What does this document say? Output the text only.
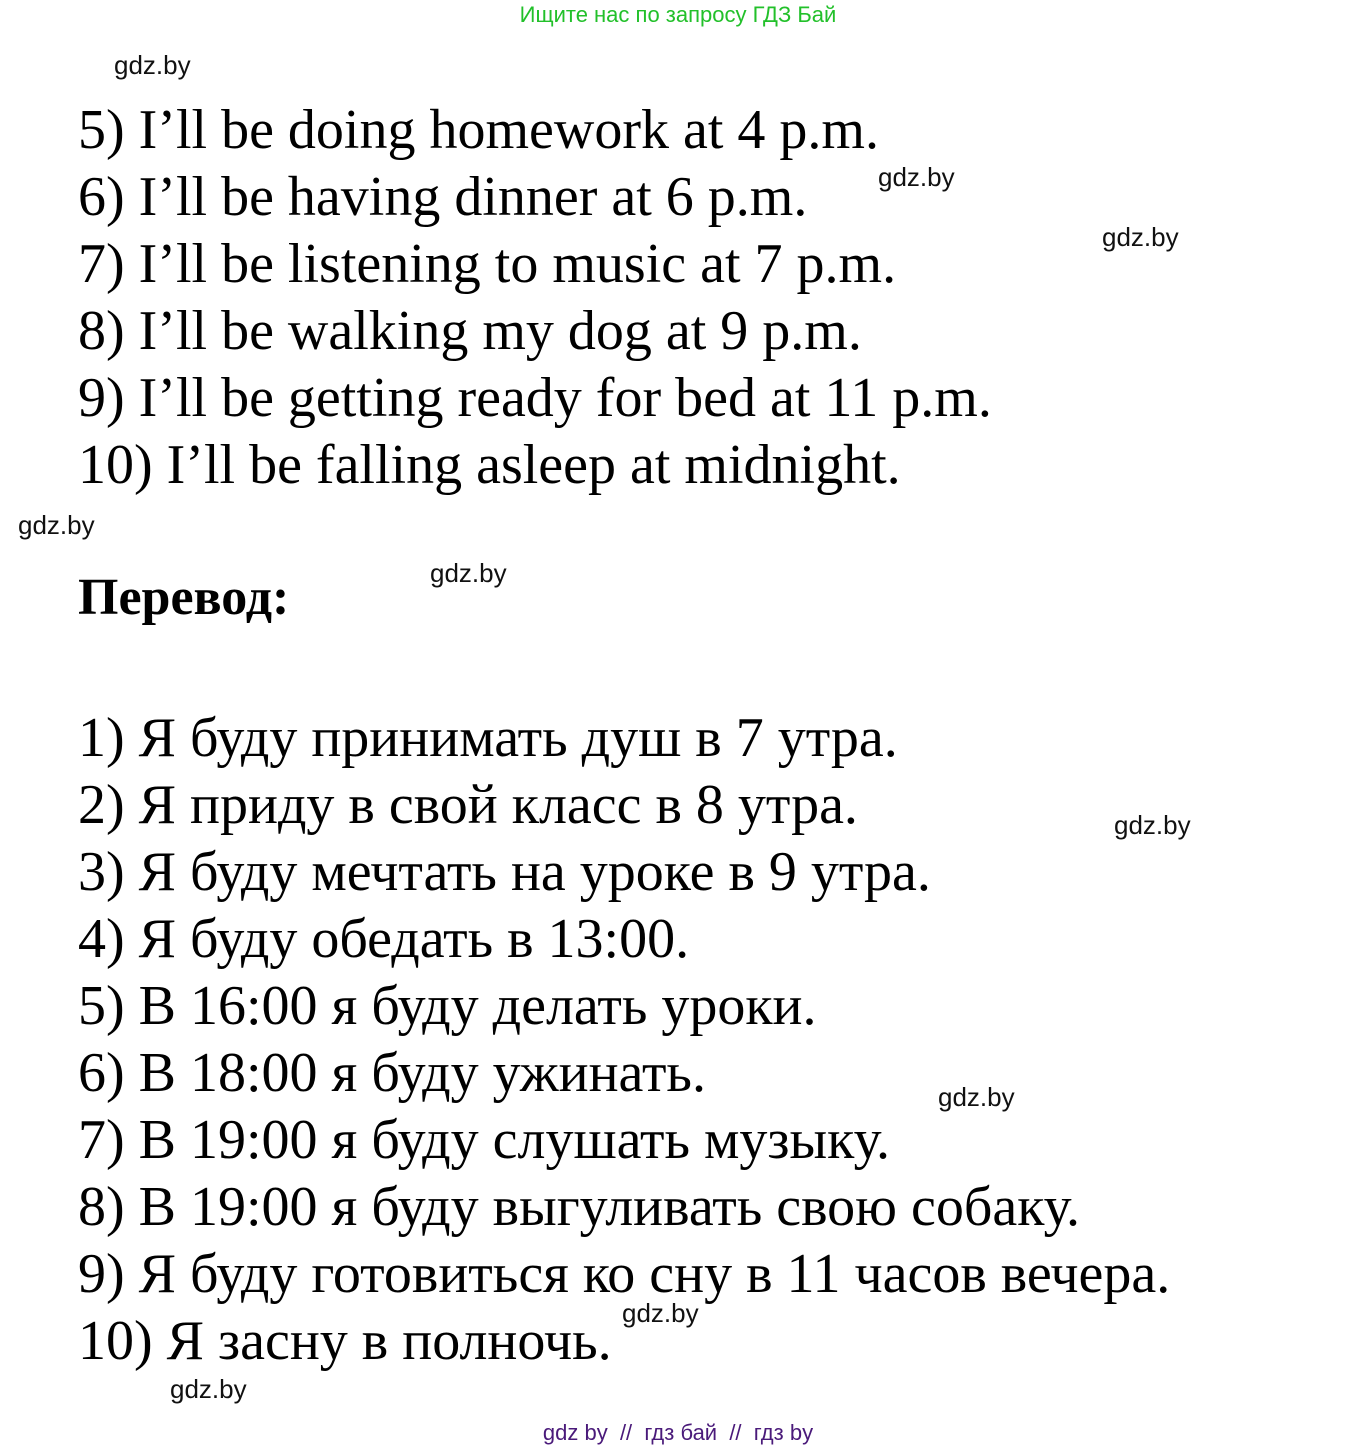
Ищите нас по запросу ГДЗ Бай
5) I’ll be doing homework at 4 p.m.
6) I’ll be having dinner at 6 p.m.
7) I’ll be listening to music at 7 p.m.
8) I’ll be walking my dog at 9 p.m.
9) I’ll be getting ready for bed at 11 p.m.
10) I’ll be falling asleep at midnight.
Перевод:
1) Я буду принимать душ в 7 утра.
2) Я приду в свой класс в 8 утра.
3) Я буду мечтать на уроке в 9 утра.
4) Я буду обедать в 13:00.
5) В 16:00 я буду делать уроки.
6) В 18:00 я буду ужинать.
7) В 19:00 я буду слушать музыку.
8) В 19:00 я буду выгуливать свою собаку.
9) Я буду готовиться ко сну в 11 часов вечера.
10) Я засну в полночь.
gdz.by
gdz.by
gdz.by
gdz.by
gdz.by
gdz.by
gdz.by
gdz.by
gdz.by
gdz by  //  гдз бай  //  гдз by
